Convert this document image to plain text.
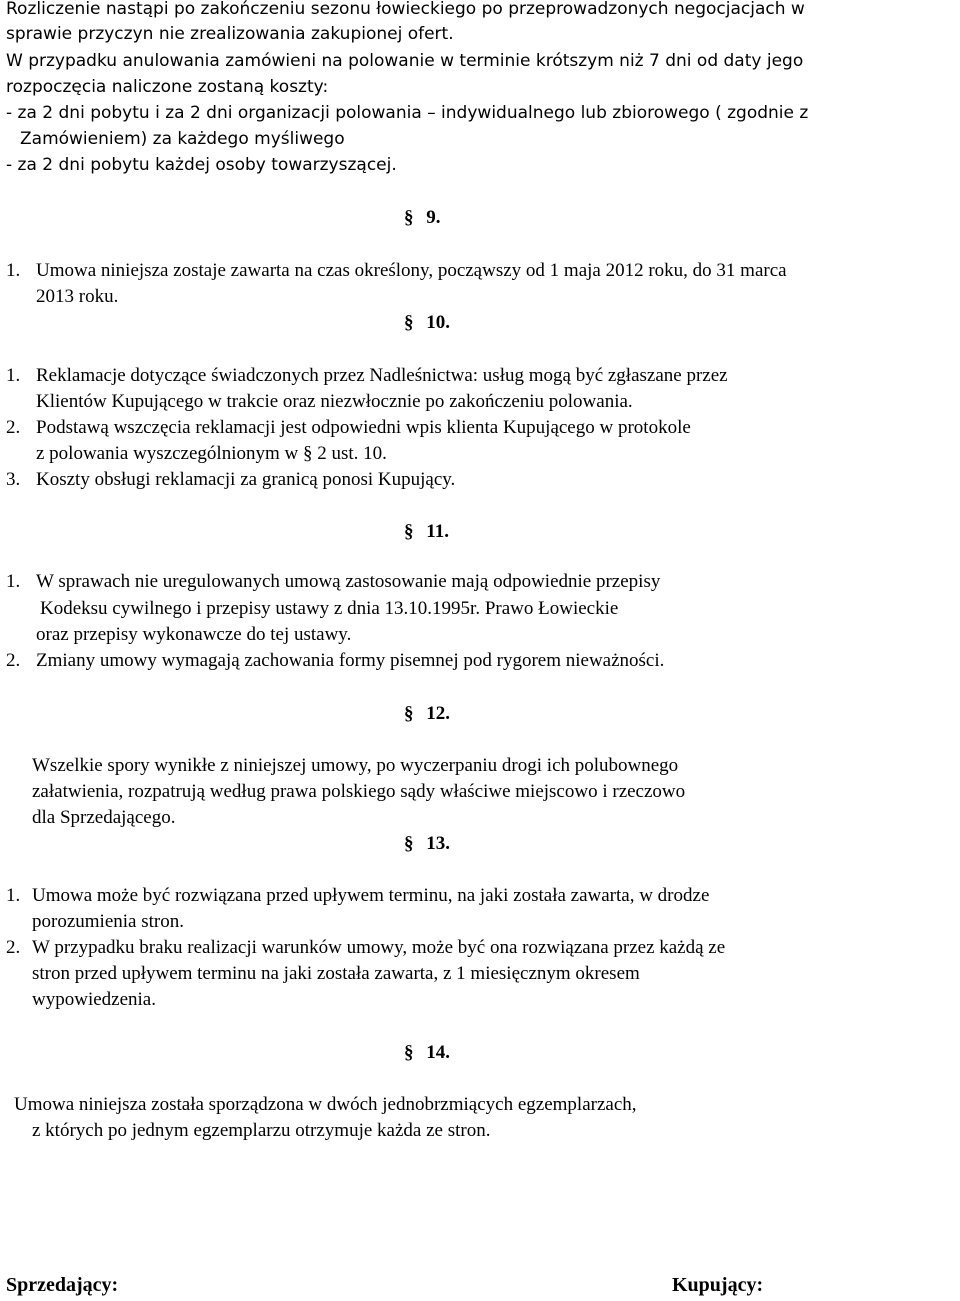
Rozliczenie nastąpi po zakończeniu sezonu łowieckiego po przeprowadzonych negocjacjach w
sprawie przyczyn nie zrealizowania zakupionej ofert.
W przypadku anulowania zamówieni na polowanie w terminie krótszym niż 7 dni od daty jego
rozpoczęcia naliczone zostaną koszty:
- za 2 dni pobytu i za 2 dni organizacji polowania – indywidualnego lub zbiorowego ( zgodnie z
Zamówieniem) za każdego myśliwego
- za 2 dni pobytu każdej osoby towarzyszącej.
§ 9.
1. Umowa niniejsza zostaje zawarta na czas określony, począwszy od 1 maja 2012 roku, do 31 marca
2013 roku.
§ 10.
1. Reklamacje dotyczące świadczonych przez Nadleśnictwa: usług mogą być zgłaszane przez
Klientów Kupującego w trakcie oraz niezwłocznie po zakończeniu polowania.
2. Podstawą wszczęcia reklamacji jest odpowiedni wpis klienta Kupującego w protokole
z polowania wyszczególnionym w § 2 ust. 10.
3. Koszty obsługi reklamacji za granicą ponosi Kupujący.
§ 11.
1. W sprawach nie uregulowanych umową zastosowanie mają odpowiednie przepisy
Kodeksu cywilnego i przepisy ustawy z dnia 13.10.1995r. Prawo Łowieckie
oraz przepisy wykonawcze do tej ustawy.
2. Zmiany umowy wymagają zachowania formy pisemnej pod rygorem nieważności.
§ 12.
Wszelkie spory wynikłe z niniejszej umowy, po wyczerpaniu drogi ich polubownego
załatwienia, rozpatrują według prawa polskiego sądy właściwe miejscowo i rzeczowo
dla Sprzedającego.
§ 13.
1. Umowa może być rozwiązana przed upływem terminu, na jaki została zawarta, w drodze
porozumienia stron.
2. W przypadku braku realizacji warunków umowy, może być ona rozwiązana przez każdą ze
stron przed upływem terminu na jaki została zawarta, z 1 miesięcznym okresem
wypowiedzenia.
§ 14.
Umowa niniejsza została sporządzona w dwóch jednobrzmiących egzemplarzach,
z których po jednym egzemplarzu otrzymuje każda ze stron.
Sprzedający:	Kupujący:
